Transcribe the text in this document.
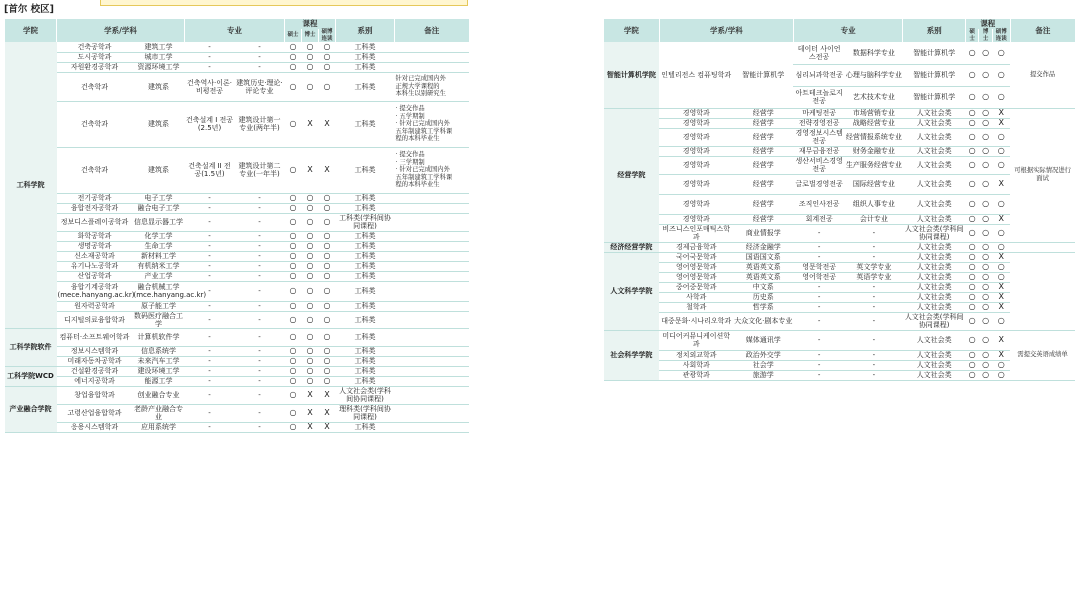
[首尔 校区]
学院	学系/学科		专业		课程			系别	备注
					硕士	博士	硕博连读		
工科学院	건축공학과	建筑工学	-	-	○	○	○	工科类	
	도시공학과	城市工学	-	-	○	○	○	工科类	
	자원환경공학과	资源环境工学	-	-	○	○	○	工科类	
	건축학과	建筑系	건축역사·이론·비평전공	建筑历史·理论·评论专业	○	○	○	工科类	针对已完成国内外
正规大学课程的
本科生以别研究生

	건축학과	建筑系	건축설계 I 전공(2.5년)	建筑设计第一专业(两年半)	○	X	X	工科类	· 提交作品
· 五学期制
· 针对已完成国内外
五年制建筑工学科课
程的本科毕业生

	건축학과	建筑系	건축설계 II 전공(1.5년)	建筑设计第二专业(一年半)	○	X	X	工科类	· 提交作品
· 三学期制
· 针对已完成国内外
五年制建筑工学科课
程的本科毕业生

	전기공학과	电子工学	-	-	○	○	○	工科类	
	융합전자공학과	融合电子工学	-	-	○	○	○	工科类	
	정보디스플레이공학과	信息显示器工学	-	-	○	○	○	工科类(学科间协同课程)	
	화학공학과	化学工学	-	-	○	○	○	工科类	
	생명공학과	生命工学	-	-	○	○	○	工科类	
	신소재공학과	新材料工学	-	-	○	○	○	工科类	
	유기나노공학과	有机纳米工学	-	-	○	○	○	工科类	
	산업공학과	产业工学	-	-	○	○	○	工科类	
	융합기계공학과 (mece.hanyang.ac.kr)	融合机械工学 (mce.hanyang.ac.kr)	-	-	○	○	○	工科类	
	원자력공학과	原子能工学	-	-	○	○	○	工科类	
	디지털의료융합학과	数码医疗融合工学	-	-	○	○	○	工科类	
工科学院软件	컴퓨터·소프트웨어학과	计算机软件学	-	-	○	○	○	工科类	
	정보시스템학과	信息系统学	-	-	○	○	○	工科类	
	미래자동차공학과	未来汽车工学	-	-	○	○	○	工科类	
工科学院WCD	건설환경공학과	建设环境工学	-	-	○	○	○	工科类	
	에너지공학과	能源工学	-	-	○	○	○	工科类	
产业融合学院	창업융합학과	创业融合专业	-	-	○	X	X	人文社会类(学科间协同课程)	
	고령산업융합학과	老龄产业融合专业	-	-	○	X	X	理科类(学科间协同课程)	
	응용시스템학과	应用系统学	-	-	○	X	X	工科类	
学院	学系/学科		专业		系别	课程			备注
						硕士	博士	硕博连读	
智能计算机学院	인텔리전스 컴퓨팅학과	智能计算机学	데이터 사이언스전공	数据科学专业	智能计算机学	○	○	○	提交作品
			심리뇌과학전공	心理与脑科学专业	智能计算机学	○	○	○	
			아트테크놀로지전공	艺术技术专业	智能计算机学	○	○	○	
经营学院	경영학과	经营学	마케팅전공	市场营销专业	人文社会类	○	○	X	可根据实际情况进行面试
	경영학과	经营学	전략경영전공	战略经营专业	人文社会类	○	○	X	
	경영학과	经营学	경영정보시스템전공	经营情报系统专业	人文社会类	○	○	○	
	경영학과	经营学	재무금융전공	财务金融专业	人文社会类	○	○	○	
	경영학과	经营学	생산서비스경영전공	生产服务经营专业	人文社会类	○	○	○	
	경영학과	经营学	글로벌경영전공	国际经营专业	人文社会类	○	○	X	
	경영학과	经营学	조직인사전공	组织人事专业	人文社会类	○	○	○	
	경영학과	经营学	회계전공	会计专业	人文社会类	○	○	X	
	비즈니스인포매틱스학과	商业情报学	-	-	人文社会类(学科间协同课程)	○	○	○	
经济经营学院	경제금융학과	经济金融学	-	-	人文社会类	○	○	○	
人文科学学院	국어국문학과	国语国文系	-	-	人文社会类	○	○	X	
	영어영문학과	英语英文系	영문학전공	英文学专业	人文社会类	○	○	○	
	영어영문학과	英语英文系	영어학전공	英语学专业	人文社会类	○	○	○	
	중어중문학과	中文系	-	-	人文社会类	○	○	X	
	사학과	历史系	-	-	人文社会类	○	○	X	
	철학과	哲学系	-	-	人文社会类	○	○	X	
	대중문화·시나리오학과	大众文化·剧本专业	-	-	人文社会类(学科间协同课程)	○	○	○	
社会科学学院	미디어커뮤니케이션학과	媒体通讯学	-	-	人文社会类	○	○	X	需提交英语成绩单
	정치외교학과	政治外交学	-	-	人文社会类	○	○	X	
	사회학과	社会学	-	-	人文社会类	○	○	○	
	관광학과	旅游学	-	-	人文社会类	○	○	○	
